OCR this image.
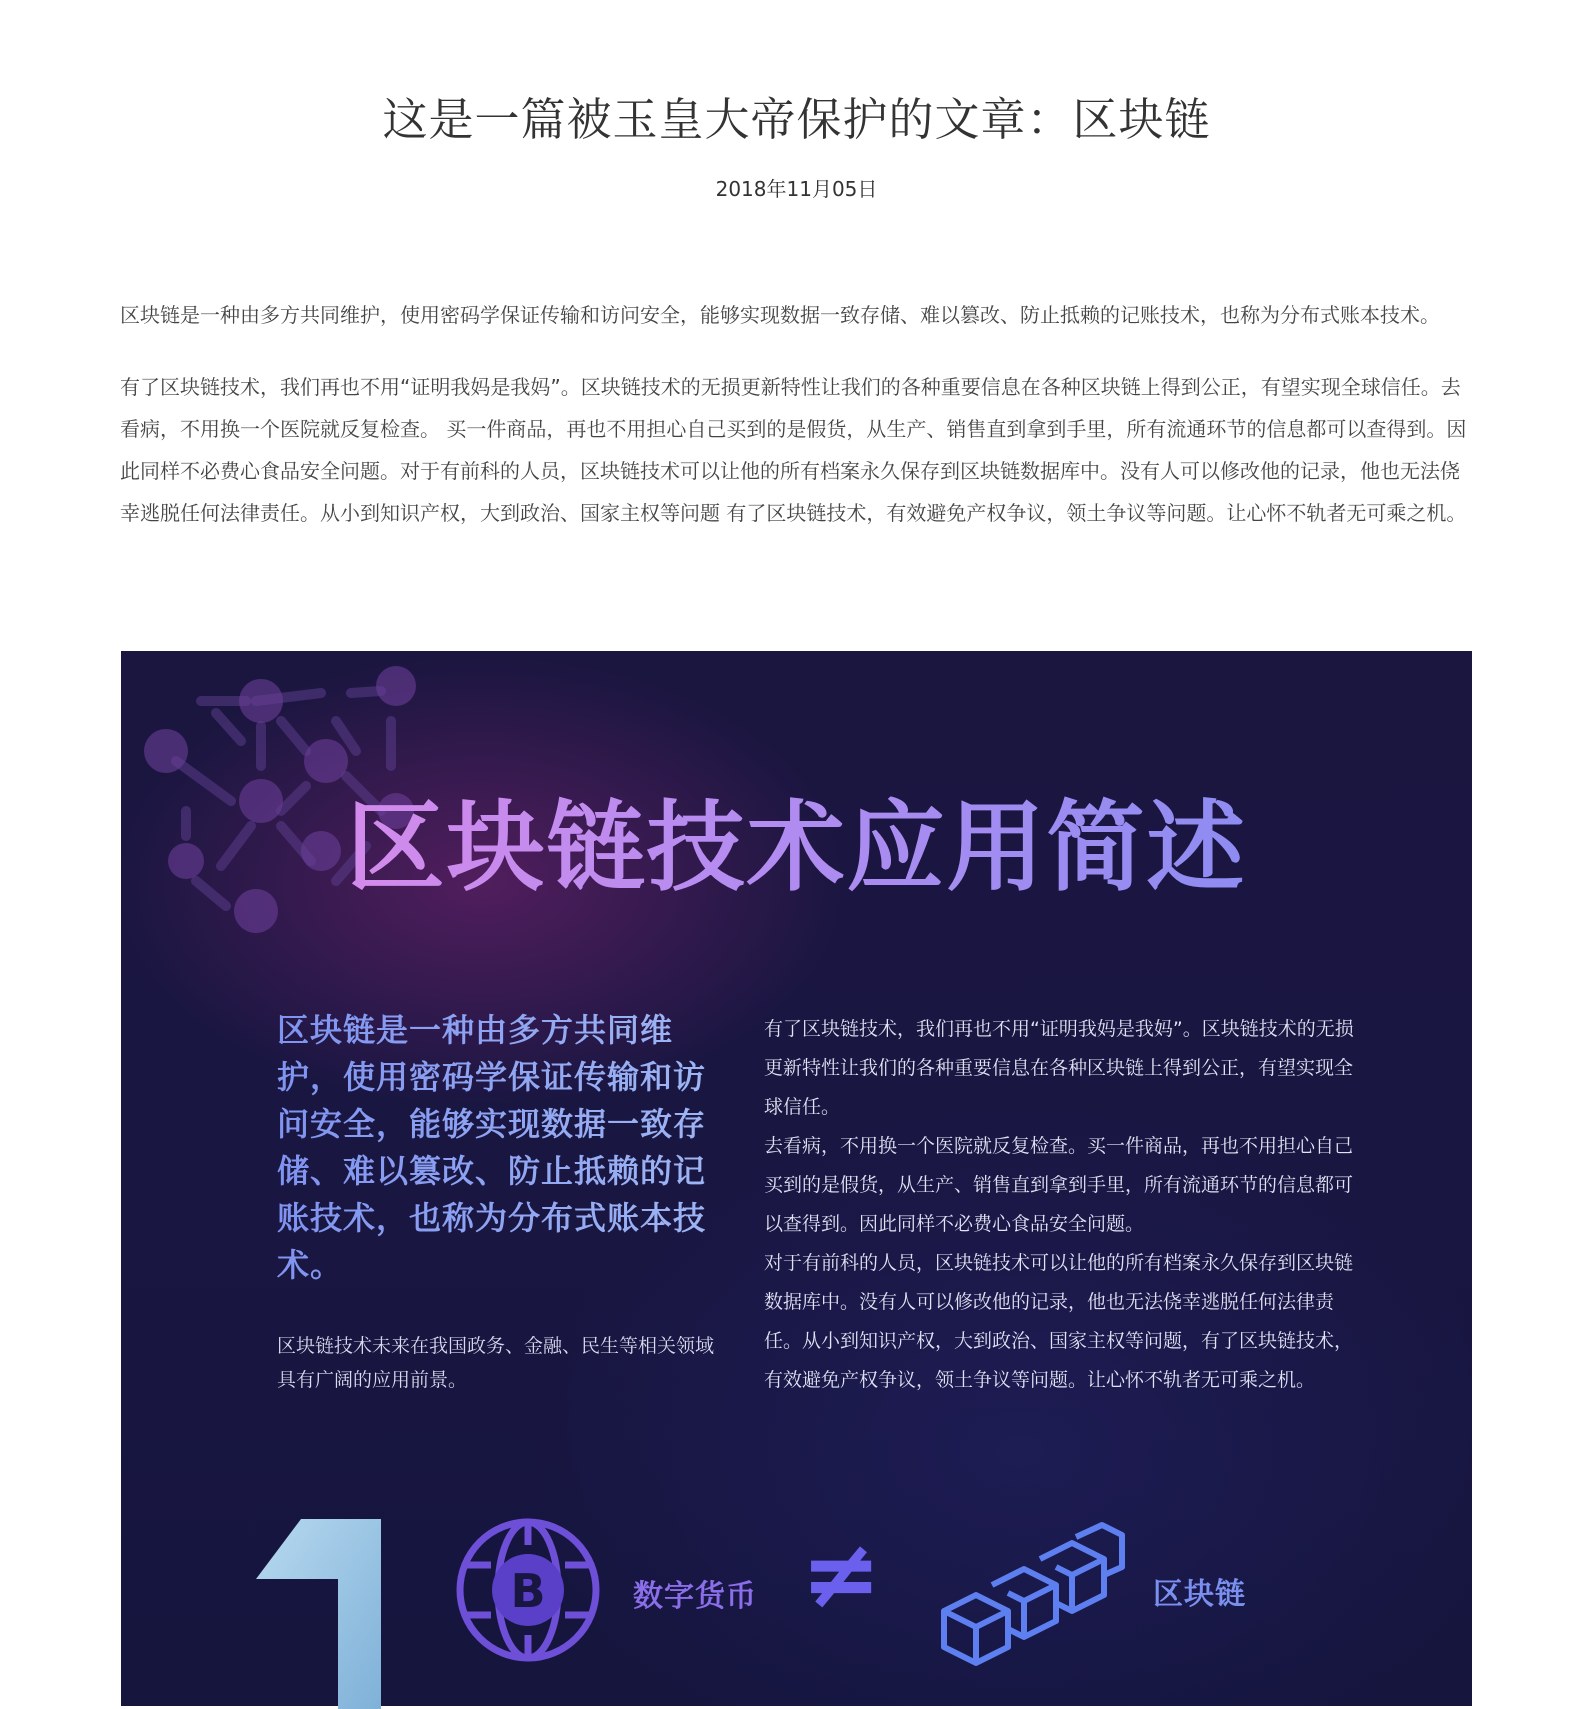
这是一篇被玉皇大帝保护的文章：区块链
2018年11月05日

区块链是一种由多方共同维护，使用密码学保证传输和访问安全，能够实现数据一致存储、难以篡改、防止抵赖的记账技术，也称为分布式账本技术。

有了区块链技术，我们再也不用“证明我妈是我妈”。区块链技术的无损更新特性让我们的各种重要信息在各种区块链上得到公正，有望实现全球信任。去看病，不用换一个医院就反复检查。 买一件商品，再也不用担心自己买到的是假货，从生产、销售直到拿到手里，所有流通环节的信息都可以查得到。因此同样不必费心食品安全问题。对于有前科的人员，区块链技术可以让他的所有档案永久保存到区块链数据库中。没有人可以修改他的记录，他也无法侥幸逃脱任何法律责任。从小到知识产权，大到政治、国家主权等问题 有了区块链技术，有效避免产权争议，领土争议等问题。让心怀不轨者无可乘之机。

区块链技术应用简述
区块链是一种由多方共同维护，使用密码学保证传输和访问安全，能够实现数据一致存储、难以篡改、防止抵赖的记账技术，也称为分布式账本技术。
区块链技术未来在我国政务、金融、民生等相关领域具有广阔的应用前景。

有了区块链技术，我们再也不用“证明我妈是我妈”。区块链技术的无损更新特性让我们的各种重要信息在各种区块链上得到公正，有望实现全球信任。

去看病，不用换一个医院就反复检查。买一件商品，再也不用担心自己买到的是假货，从生产、销售直到拿到手里，所有流通环节的信息都可以查得到。因此同样不必费心食品安全问题。

对于有前科的人员，区块链技术可以让他的所有档案永久保存到区块链数据库中。没有人可以修改他的记录，他也无法侥幸逃脱任何法律责任。从小到知识产权，大到政治、国家主权等问题，有了区块链技术，有效避免产权争议，领土争议等问题。让心怀不轨者无可乘之机。

1
B	数字货币 ≠	区块链
